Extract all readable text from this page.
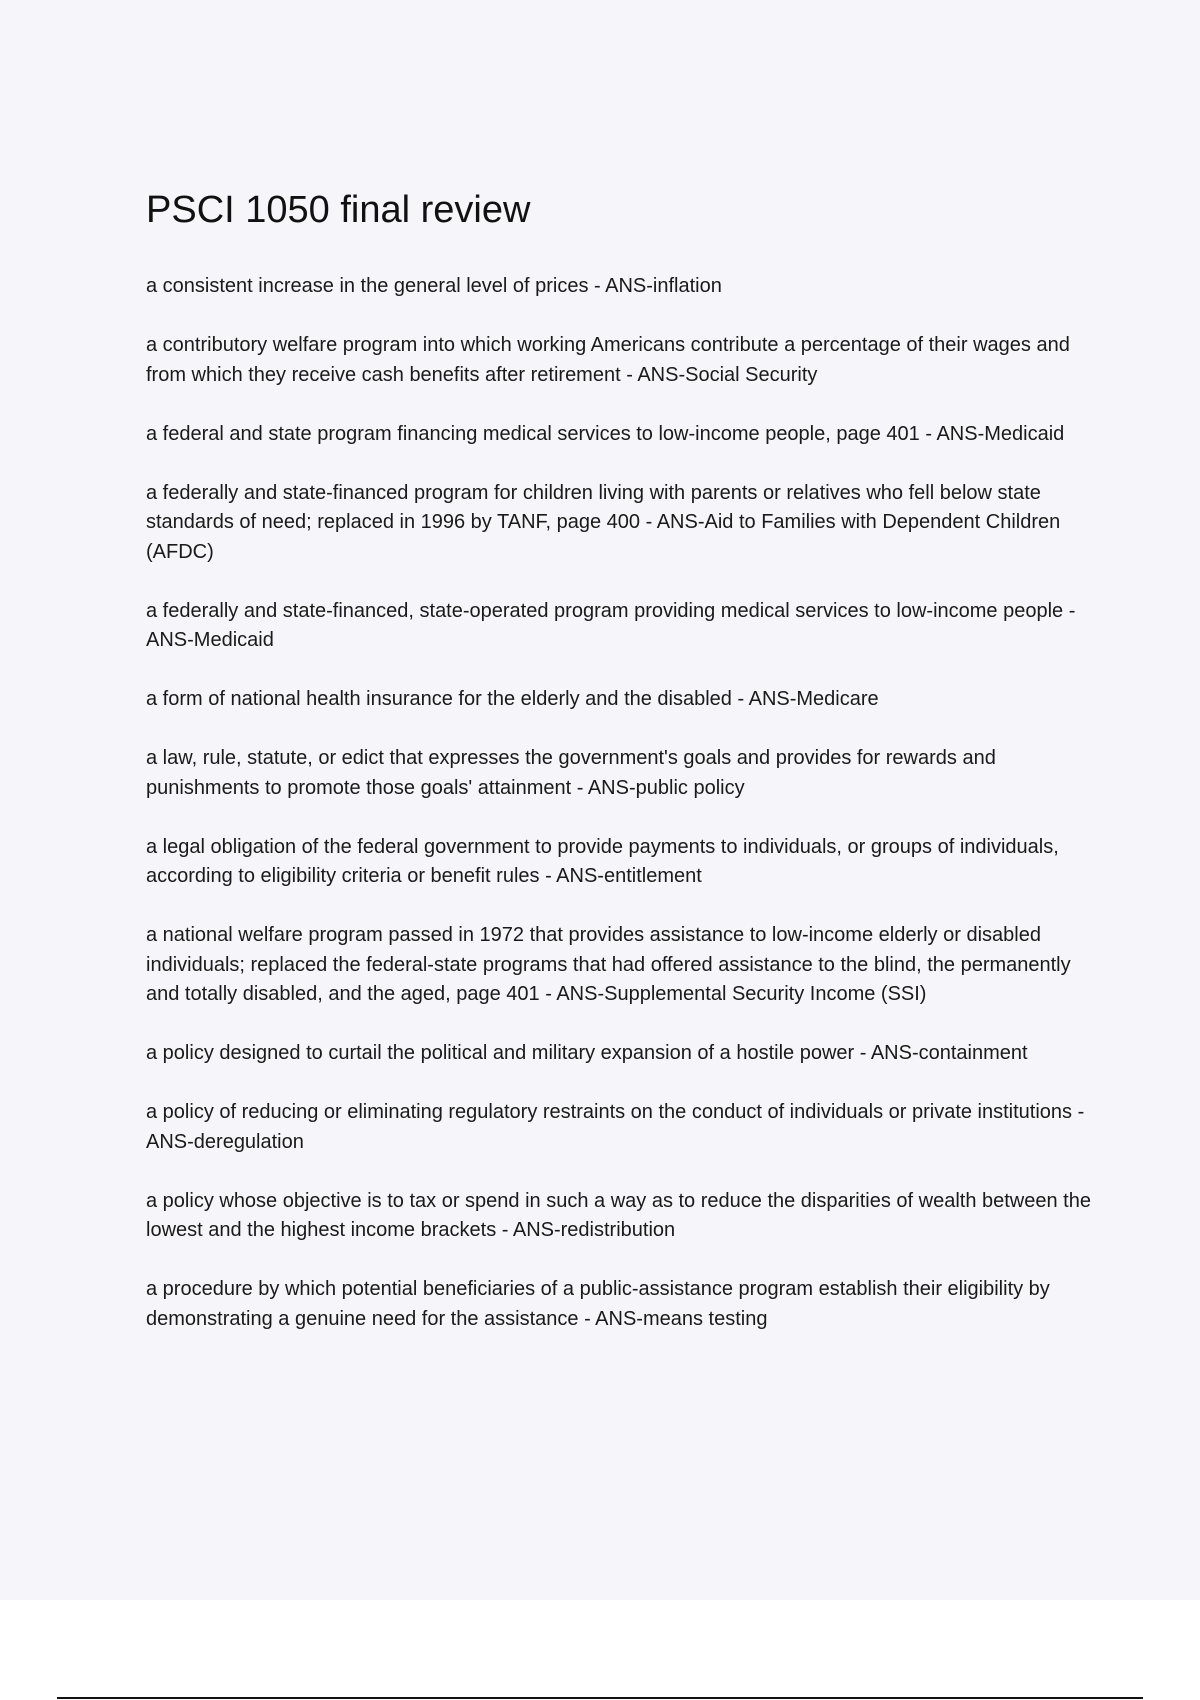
PSCI 1050 final review
a consistent increase in the general level of prices - ANS-inflation
a contributory welfare program into which working Americans contribute a percentage of their wages and from which they receive cash benefits after retirement - ANS-Social Security
a federal and state program financing medical services to low-income people, page 401 - ANS-Medicaid
a federally and state-financed program for children living with parents or relatives who fell below state standards of need; replaced in 1996 by TANF, page 400 - ANS-Aid to Families with Dependent Children (AFDC)
a federally and state-financed, state-operated program providing medical services to low-income people - ANS-Medicaid
a form of national health insurance for the elderly and the disabled - ANS-Medicare
a law, rule, statute, or edict that expresses the government's goals and provides for rewards and punishments to promote those goals' attainment - ANS-public policy
a legal obligation of the federal government to provide payments to individuals, or groups of individuals, according to eligibility criteria or benefit rules - ANS-entitlement
a national welfare program passed in 1972 that provides assistance to low-income elderly or disabled individuals; replaced the federal-state programs that had offered assistance to the blind, the permanently and totally disabled, and the aged, page 401 - ANS-Supplemental Security Income (SSI)
a policy designed to curtail the political and military expansion of a hostile power - ANS-containment
a policy of reducing or eliminating regulatory restraints on the conduct of individuals or private institutions - ANS-deregulation
a policy whose objective is to tax or spend in such a way as to reduce the disparities of wealth between the lowest and the highest income brackets - ANS-redistribution
a procedure by which potential beneficiaries of a public-assistance program establish their eligibility by demonstrating a genuine need for the assistance - ANS-means testing
